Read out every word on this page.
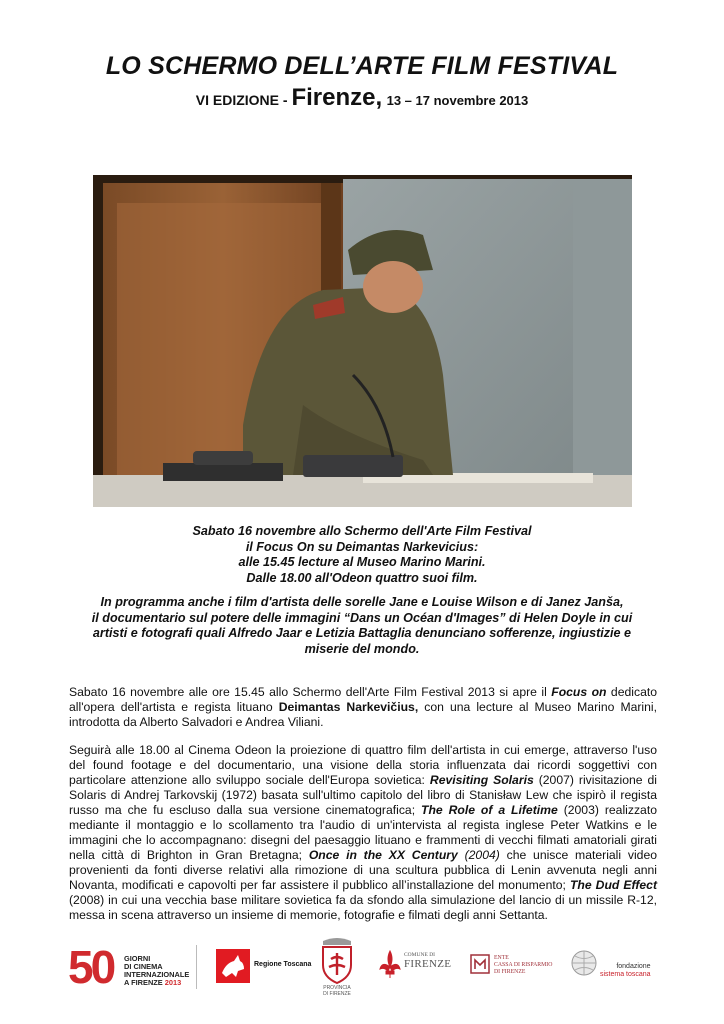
LO SCHERMO DELL’ARTE FILM FESTIVAL
VI EDIZIONE - Firenze, 13 – 17 novembre 2013

Sabato 16 novembre allo Schermo dell'Arte Film Festival

il Focus On su Deimantas Narkevicius:

alle 15.45 lecture al Museo Marino Marini.

Dalle 18.00 all'Odeon quattro suoi film.

In programma anche i film d'artista delle sorelle Jane e Louise Wilson e di Janez Janša,

il documentario sul potere delle immagini “Dans un Océan d'Images” di Helen Doyle in cui

artisti e fotografi quali Alfredo Jaar e Letizia Battaglia denunciano sofferenze, ingiustizie e

miserie del mondo.

Sabato 16 novembre alle ore 15.45 allo Schermo dell'Arte Film Festival 2013 si apre il Focus on dedicato all'opera dell'artista e regista lituano Deimantas Narkevičius, con una lecture al Museo Marino Marini, introdotta da Alberto Salvadori e Andrea Viliani.

Seguirà alle 18.00 al Cinema Odeon la proiezione di quattro film dell'artista in cui emerge, attraverso l'uso del found footage e del documentario, una visione della storia influenzata dai ricordi soggettivi con particolare attenzione allo sviluppo sociale dell'Europa sovietica: Revisiting Solaris (2007) rivisitazione di Solaris di Andrej Tarkovskij (1972) basata sull'ultimo capitolo del libro di Stanisław Lew che ispirò il regista russo ma che fu escluso dalla sua versione cinematografica; The Role of a Lifetime (2003) realizzato mediante il montaggio e lo scollamento tra l'audio di un'intervista al regista inglese Peter Watkins e le immagini che lo accompagnano: disegni del paesaggio lituano e frammenti di vecchi filmati amatoriali girati nella città di Brighton in Gran Bretagna; Once in the XX Century (2004) che unisce materiali video provenienti da fonti diverse relativi alla rimozione di una scultura pubblica di Lenin avvenuta negli anni Novanta, modificati e capovolti per far assistere il pubblico all’installazione del monumento; The Dud Effect (2008) in cui una vecchia base militare sovietica fa da sfondo alla simulazione del lancio di un missile R-12, messa in scena attraverso un insieme di memorie, fotografie e filmati degli anni Settanta.

50 GIORNI
DI CINEMA
INTERNAZIONALE
A FIRENZE 2013
Regione Toscana
PROVINCIA
DI FIRENZE
COMUNE DI
FIRENZE	ENTE
CASSA DI RISPARMIO
DI FIRENZE
fondazione
sistema toscana
